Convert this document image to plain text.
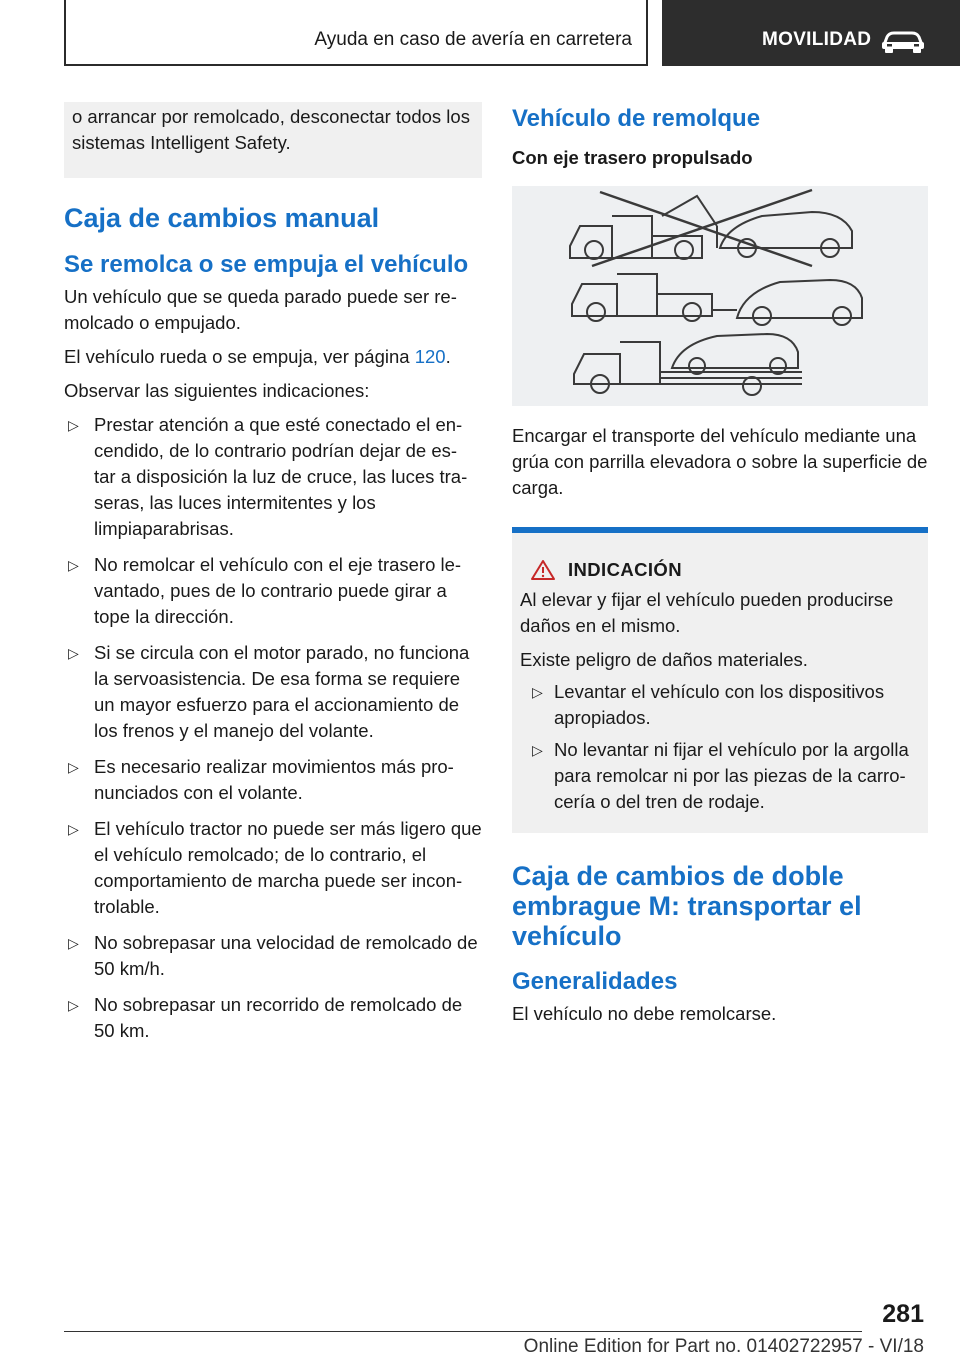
Ayuda en caso de avería en carretera	MOVILIDAD

o arrancar por remolcado, desconectar todos los sistemas Intelligent Safety.

Caja de cambios manual
Se remolca o se empuja el vehículo

Un vehículo que se queda parado puede ser re‐ molcado o empujado.

El vehículo rueda o se empuja, ver página 120.

Observar las siguientes indicaciones:

▷ Prestar atención a que esté conectado el en‐ cendido, de lo contrario podrían dejar de es‐ tar a disposición la luz de cruce, las luces tra‐ seras, las luces intermitentes y los limpiaparabrisas.
▷ No remolcar el vehículo con el eje trasero le‐ vantado, pues de lo contrario puede girar a tope la dirección.
▷ Si se circula con el motor parado, no funciona la servoasistencia. De esa forma se requiere un mayor esfuerzo para el accionamiento de los frenos y el manejo del volante.
▷ Es necesario realizar movimientos más pro‐ nunciados con el volante.
▷ El vehículo tractor no puede ser más ligero que el vehículo remolcado; de lo contrario, el comportamiento de marcha puede ser incon‐ trolable.
▷ No sobrepasar una velocidad de remolcado de 50 km/h.
▷ No sobrepasar un recorrido de remolcado de 50 km.
Vehículo de remolque
Con eje trasero propulsado

Encargar el transporte del vehículo mediante una grúa con parrilla elevadora o sobre la superficie de carga.

INDICACIÓN

Al elevar y fijar el vehículo pueden producirse daños en el mismo.

Existe peligro de daños materiales.

▷ Levantar el vehículo con los dispositivos apropiados.
▷ No levantar ni fijar el vehículo por la argolla para remolcar ni por las piezas de la carro‐ cería o del tren de rodaje.
Caja de cambios de doble embrague M: transportar el vehículo
Generalidades

El vehículo no debe remolcarse.

281
Online Edition for Part no. 01402722957 - VI/18
